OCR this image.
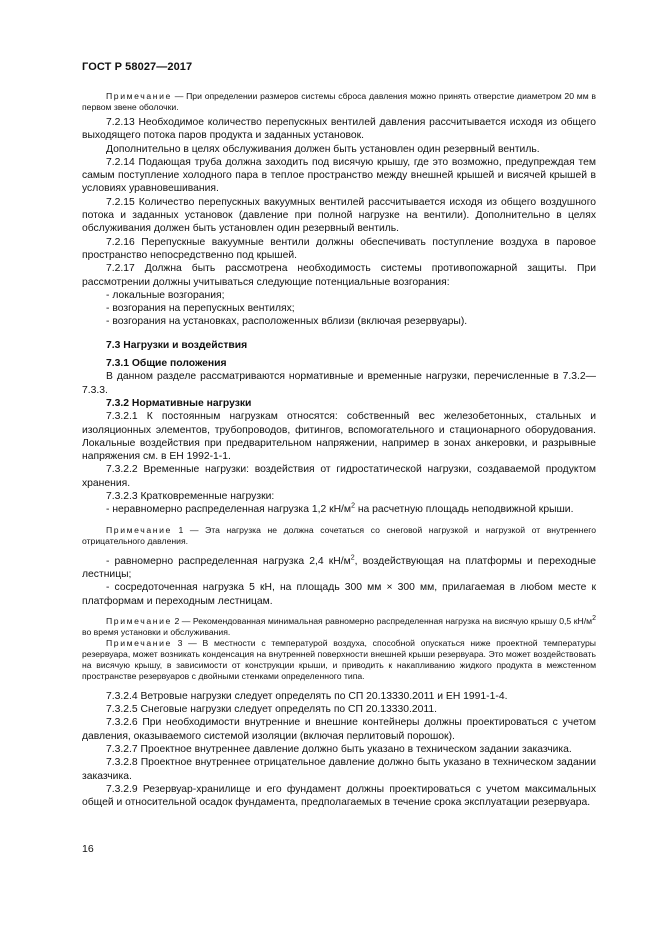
ГОСТ Р 58027—2017

Примечание — При определении размеров системы сброса давления можно принять отверстие диаметром 20 мм в первом звене оболочки.

7.2.13 Необходимое количество перепускных вентилей давления рассчитывается исходя из общего выходящего потока паров продукта и заданных установок.

Дополнительно в целях обслуживания должен быть установлен один резервный вентиль.

7.2.14 Подающая труба должна заходить под висячую крышу, где это возможно, предупреждая тем самым поступление холодного пара в теплое пространство между внешней крышей и висячей крышей в условиях уравновешивания.

7.2.15 Количество перепускных вакуумных вентилей рассчитывается исходя из общего воздушного потока и заданных установок (давление при полной нагрузке на вентили). Дополнительно в целях обслуживания должен быть установлен один резервный вентиль.

7.2.16 Перепускные вакуумные вентили должны обеспечивать поступление воздуха в паровое пространство непосредственно под крышей.

7.2.17 Должна быть рассмотрена необходимость системы противопожарной защиты. При рассмотрении должны учитываться следующие потенциальные возгорания:

- локальные возгорания;

- возгорания на перепускных вентилях;

- возгорания на установках, расположенных вблизи (включая резервуары).

7.3 Нагрузки и воздействия

7.3.1 Общие положения

В данном разделе рассматриваются нормативные и временные нагрузки, перечисленные в 7.3.2—7.3.3.

7.3.2 Нормативные нагрузки

7.3.2.1 К постоянным нагрузкам относятся: собственный вес железобетонных, стальных и изоляционных элементов, трубопроводов, фитингов, вспомогательного и стационарного оборудования. Локальные воздействия при предварительном напряжении, например в зонах анкеровки, и разрывные напряжения см. в ЕН 1992-1-1.

7.3.2.2 Временные нагрузки: воздействия от гидростатической нагрузки, создаваемой продуктом хранения.

7.3.2.3 Кратковременные нагрузки:

- неравномерно распределенная нагрузка 1,2 $кН/м^2$ на расчетную площадь неподвижной крыши.

Примечание 1 — Эта нагрузка не должна сочетаться со снеговой нагрузкой и нагрузкой от внутреннего отрицательного давления.

- равномерно распределенная нагрузка 2,4 $кН/м^2$, воздействующая на платформы и переходные лестницы;

- сосредоточенная нагрузка 5 кН, на площадь 300 мм × 300 мм, прилагаемая в любом месте к платформам и переходным лестницам.

Примечание 2 — Рекомендованная минимальная равномерно распределенная нагрузка на висячую крышу 0,5 $кН/м^2$ во время установки и обслуживания.

Примечание 3 — В местности с температурой воздуха, способной опускаться ниже проектной температуры резервуара, может возникать конденсация на внутренней поверхности внешней крыши резервуара. Это может воздействовать на висячую крышу, в зависимости от конструкции крыши, и приводить к накапливанию жидкого продукта в межстенном пространстве резервуаров с двойными стенками определенного типа.

7.3.2.4 Ветровые нагрузки следует определять по СП 20.13330.2011 и ЕН 1991-1-4.

7.3.2.5 Снеговые нагрузки следует определять по СП 20.13330.2011.

7.3.2.6 При необходимости внутренние и внешние контейнеры должны проектироваться с учетом давления, оказываемого системой изоляции (включая перлитовый порошок).

7.3.2.7 Проектное внутреннее давление должно быть указано в техническом задании заказчика.

7.3.2.8 Проектное внутреннее отрицательное давление должно быть указано в техническом задании заказчика.

7.3.2.9 Резервуар-хранилище и его фундамент должны проектироваться с учетом максимальных общей и относительной осадок фундамента, предполагаемых в течение срока эксплуатации резервуара.

16
